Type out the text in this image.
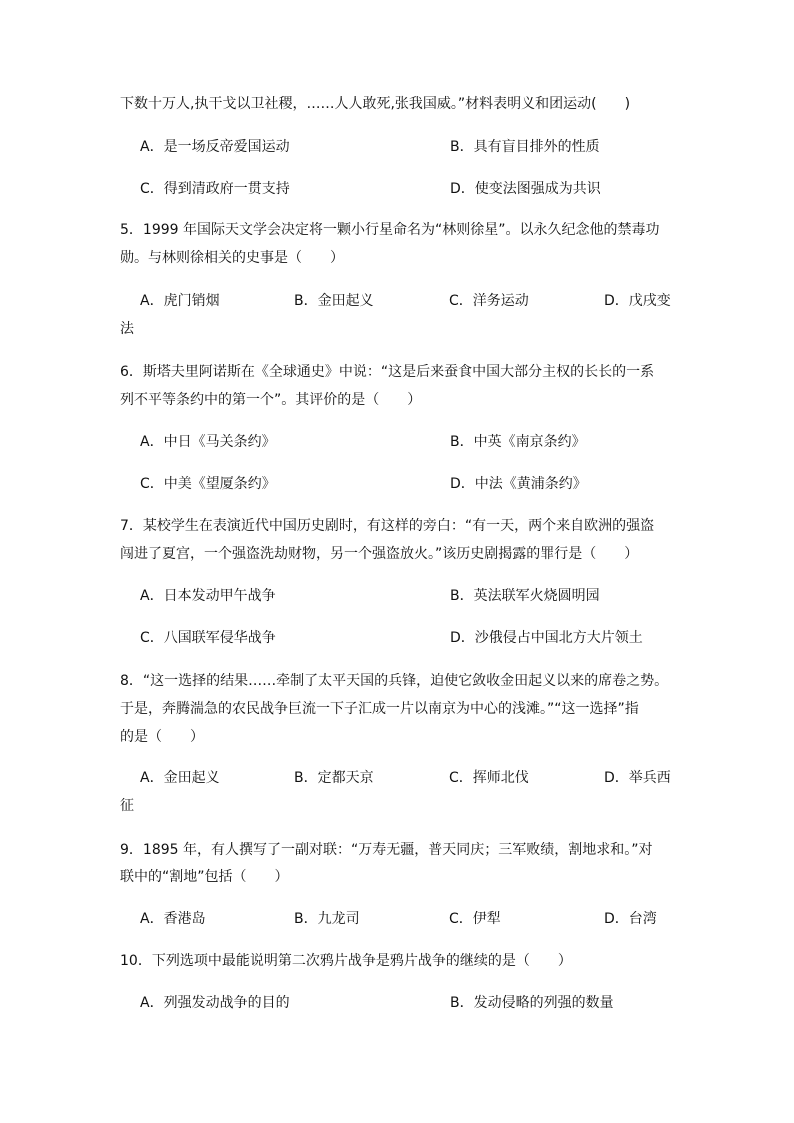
下数十万人,执干戈以卫社稷，……人人敢死,张我国威。”材料表明义和团运动(　　)
A．是一场反帝爱国运动	B．具有盲目排外的性质
C．得到清政府一贯支持	D．使变法图强成为共识
5．1999 年国际天文学会决定将一颗小行星命名为“林则徐星”。以永久纪念他的禁毒功
勋。与林则徐相关的史事是（　　）
A．虎门销烟	B．金田起义	C．洋务运动	D．戊戌变
法
6．斯塔夫里阿诺斯在《全球通史》中说：“这是后来蚕食中国大部分主权的长长的一系
列不平等条约中的第一个”。其评价的是（　　）
A．中日《马关条约》	B．中英《南京条约》
C．中美《望厦条约》	D．中法《黄浦条约》
7．某校学生在表演近代中国历史剧时，有这样的旁白：“有一天，两个来自欧洲的强盗
闯进了夏宫，一个强盗洗劫财物，另一个强盗放火。”该历史剧揭露的罪行是（　　）
A．日本发动甲午战争	B．英法联军火烧圆明园
C．八国联军侵华战争	D．沙俄侵占中国北方大片领土
8．“这一选择的结果……牵制了太平天国的兵锋，迫使它敛收金田起义以来的席卷之势。
于是，奔腾湍急的农民战争巨流一下子汇成一片以南京为中心的浅滩。”“这一选择”指
的是（　　）
A．金田起义	B．定都天京	C．挥师北伐	D．举兵西
征
9．1895 年，有人撰写了一副对联：“万寿无疆，普天同庆；三军败绩，割地求和。”对
联中的“割地”包括（　　）
A．香港岛	B．九龙司	C．伊犁	D．台湾
10．下列选项中最能说明第二次鸦片战争是鸦片战争的继续的是（　　）
A．列强发动战争的目的	B．发动侵略的列强的数量
